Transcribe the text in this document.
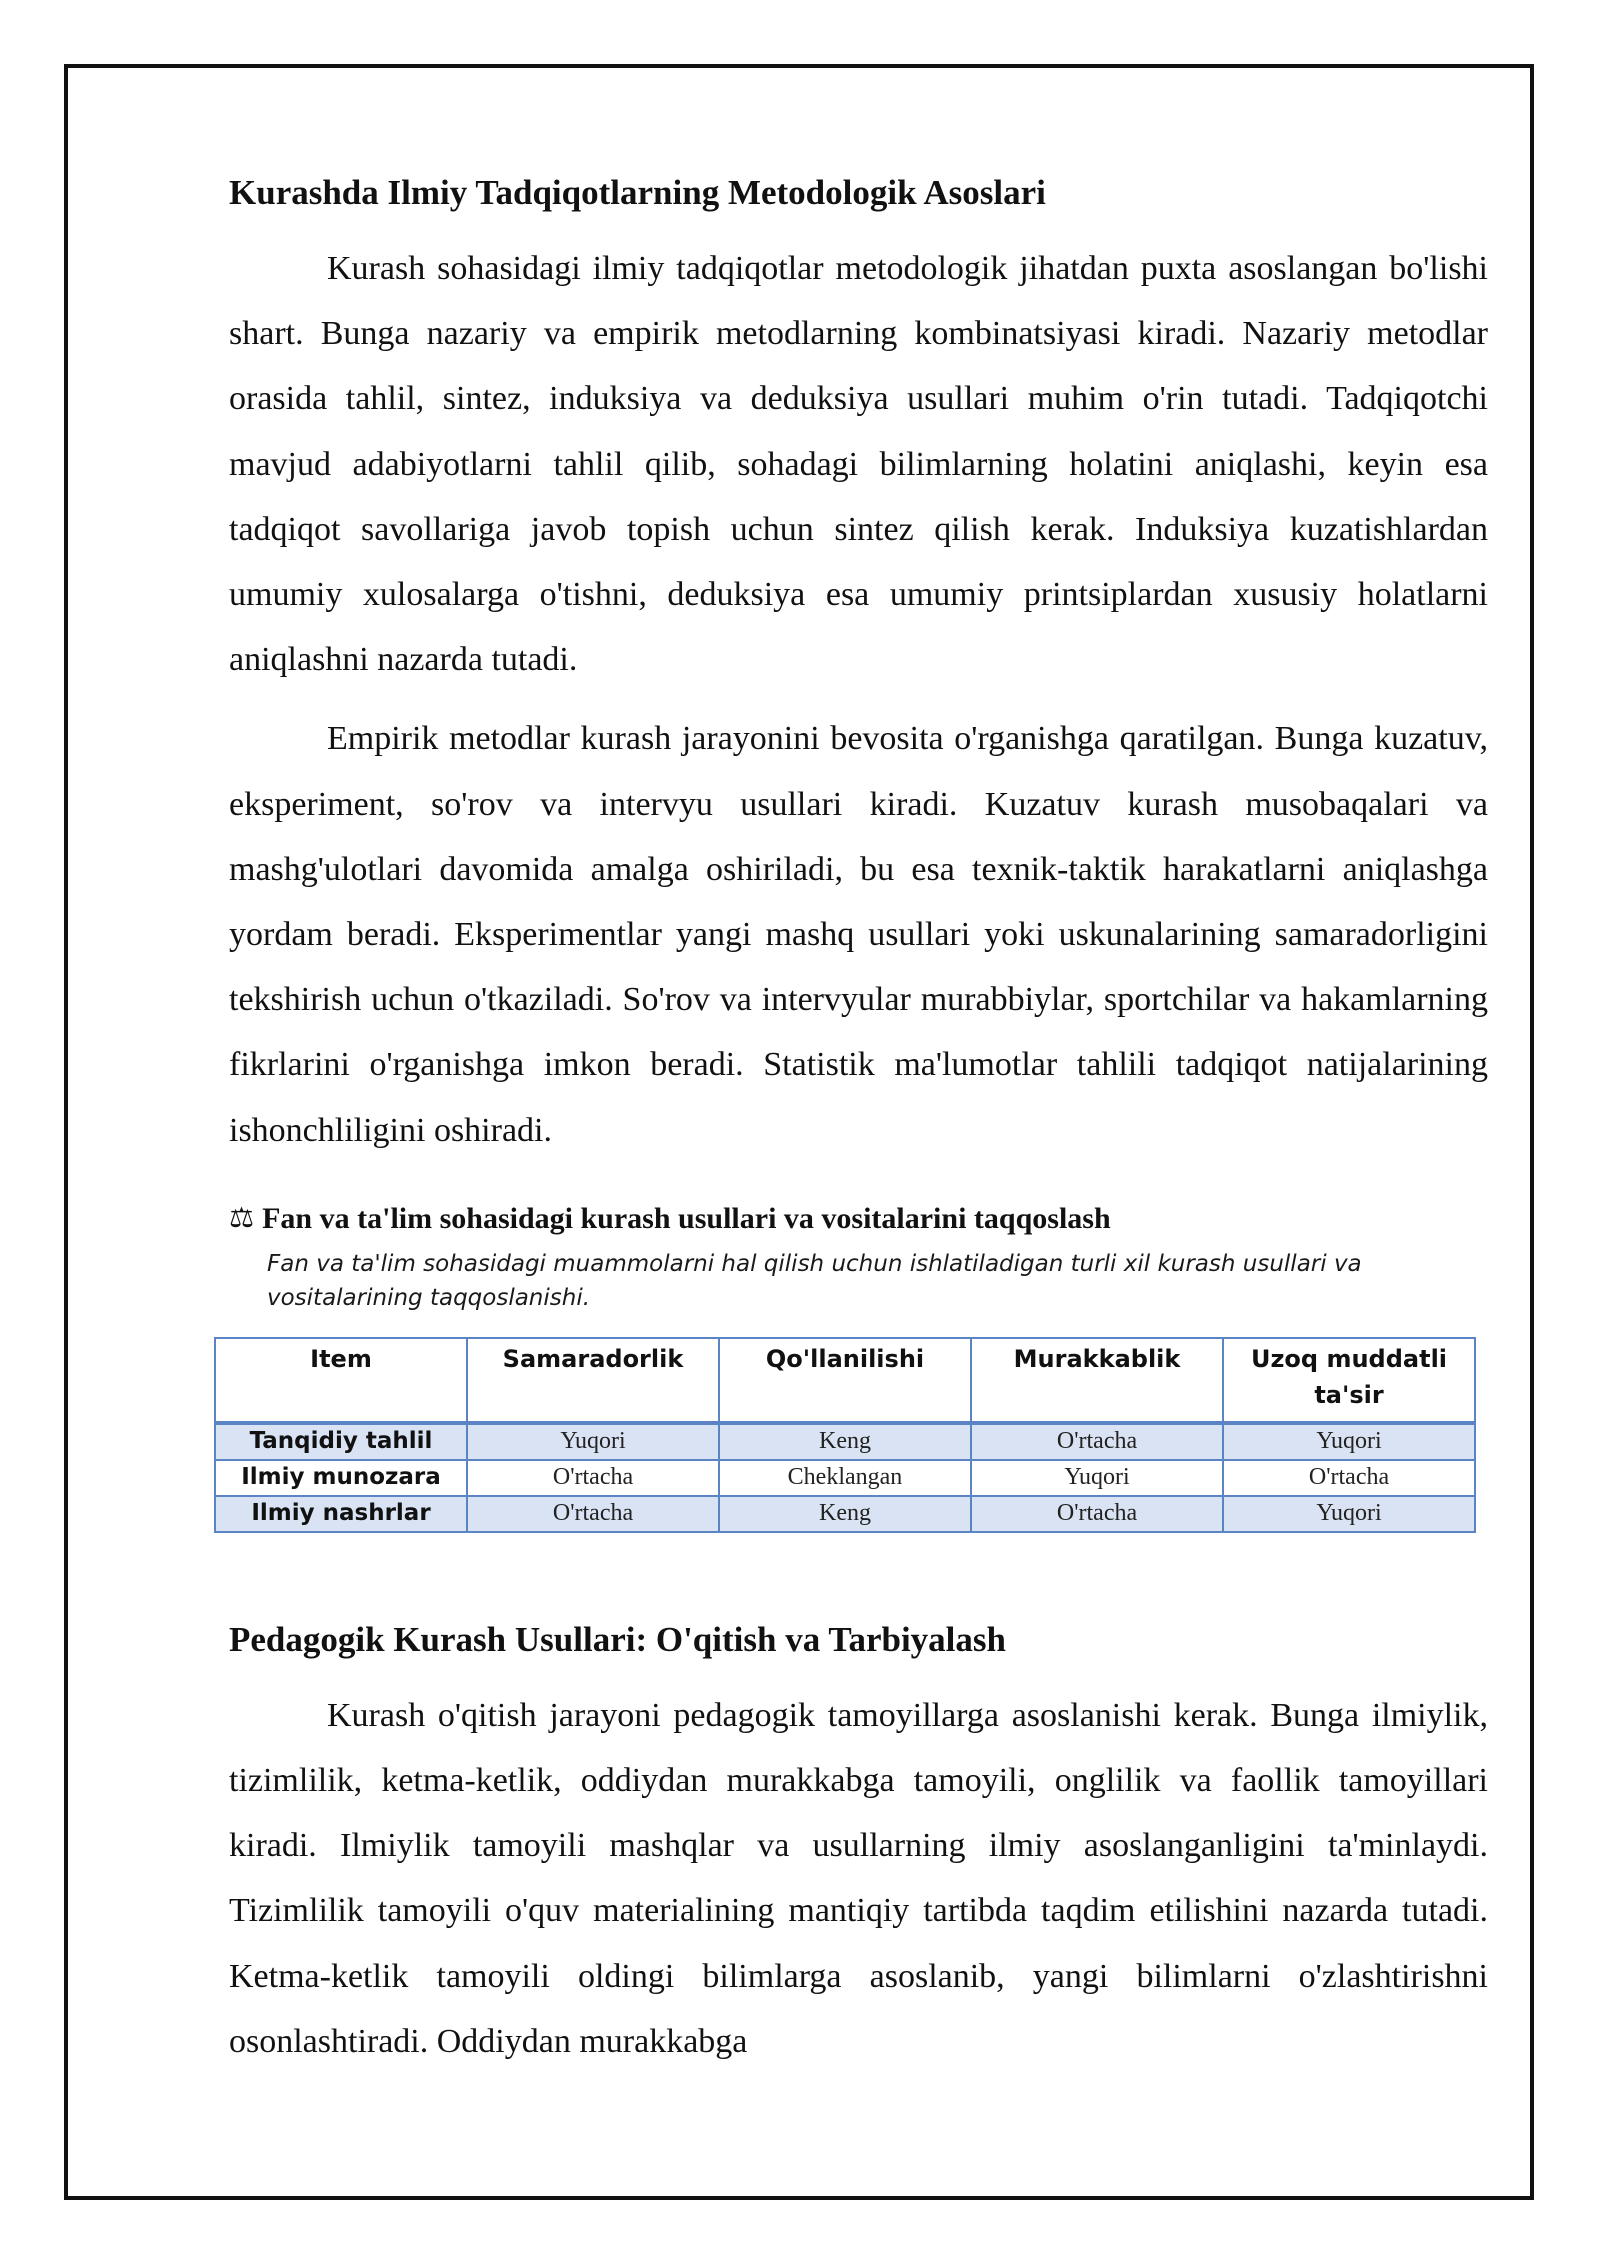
Kurashda Ilmiy Tadqiqotlarning Metodologik Asoslari

Kurash sohasidagi ilmiy tadqiqotlar metodologik jihatdan puxta asoslangan bo'lishi shart. Bunga nazariy va empirik metodlarning kombinatsiyasi kiradi. Nazariy metodlar orasida tahlil, sintez, induksiya va deduksiya usullari muhim o'rin tutadi. Tadqiqotchi mavjud adabiyotlarni tahlil qilib, sohadagi bilimlarning holatini aniqlashi, keyin esa tadqiqot savollariga javob topish uchun sintez qilish kerak. Induksiya kuzatishlardan umumiy xulosalarga o'tishni, deduksiya esa umumiy printsiplardan xususiy holatlarni aniqlashni nazarda tutadi.

Empirik metodlar kurash jarayonini bevosita o'rganishga qaratilgan. Bunga kuzatuv, eksperiment, so'rov va intervyu usullari kiradi. Kuzatuv kurash musobaqalari va mashg'ulotlari davomida amalga oshiriladi, bu esa texnik-taktik harakatlarni aniqlashga yordam beradi. Eksperimentlar yangi mashq usullari yoki uskunalarining samaradorligini tekshirish uchun o'tkaziladi. So'rov va intervyular murabbiylar, sportchilar va hakamlarning fikrlarini o'rganishga imkon beradi. Statistik ma'lumotlar tahlili tadqiqot natijalarining ishonchliligini oshiradi.

⚖ Fan va ta'lim sohasidagi kurash usullari va vositalarini taqqoslash
Fan va ta'lim sohasidagi muammolarni hal qilish uchun ishlatiladigan turli xil kurash usullari va vositalarining taqqoslanishi.
Item	Samaradorlik	Qo'llanilishi	Murakkablik	Uzoq muddatli ta'sir
Tanqidiy tahlil	Yuqori	Keng	O'rtacha	Yuqori
Ilmiy munozara	O'rtacha	Cheklangan	Yuqori	O'rtacha
Ilmiy nashrlar	O'rtacha	Keng	O'rtacha	Yuqori
Pedagogik Kurash Usullari: O'qitish va Tarbiyalash

Kurash o'qitish jarayoni pedagogik tamoyillarga asoslanishi kerak. Bunga ilmiylik, tizimlilik, ketma-ketlik, oddiydan murakkabga tamoyili, onglilik va faollik tamoyillari kiradi. Ilmiylik tamoyili mashqlar va usullarning ilmiy asoslanganligini ta'minlaydi. Tizimlilik tamoyili o'quv materialining mantiqiy tartibda taqdim etilishini nazarda tutadi. Ketma-ketlik tamoyili oldingi bilimlarga asoslanib, yangi bilimlarni o'zlashtirishni osonlashtiradi. Oddiydan murakkabga
